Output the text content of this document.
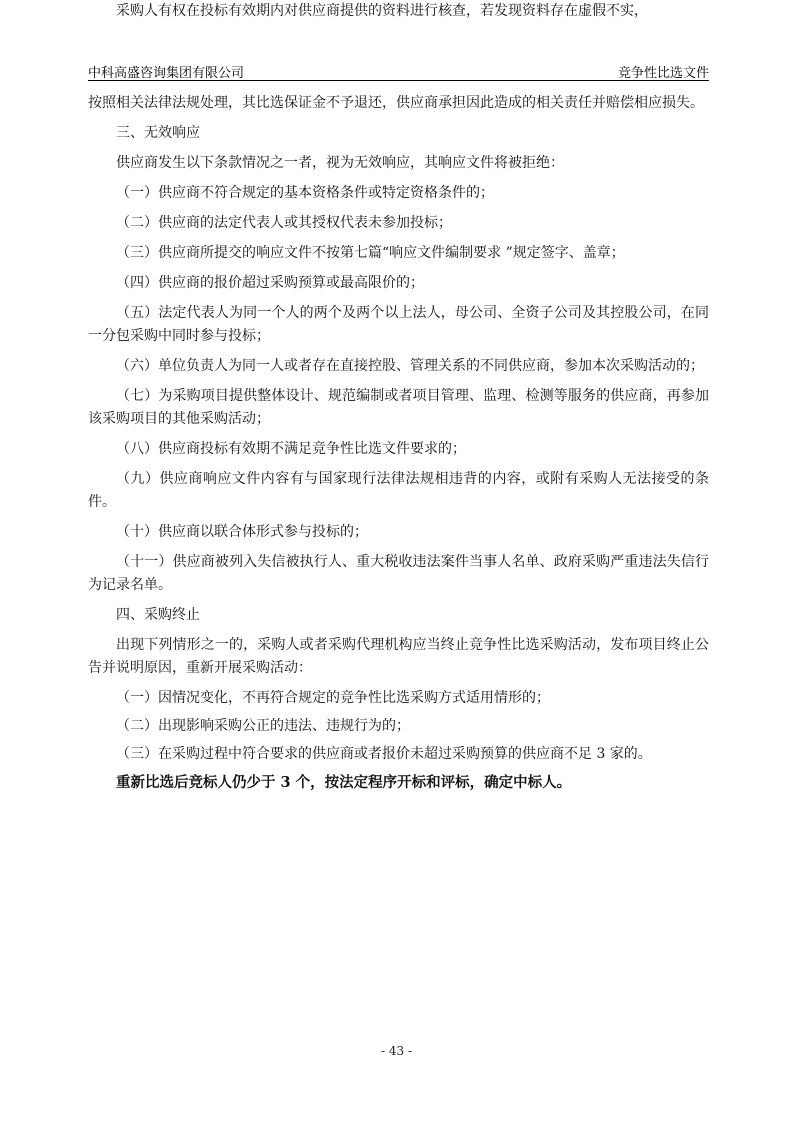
采购人有权在投标有效期内对供应商提供的资料进行核查，若发现资料存在虚假不实，

中科高盛咨询集团有限公司	竞争性比选文件

按照相关法律法规处理，其比选保证金不予退还，供应商承担因此造成的相关责任并赔偿相应损失。

三、无效响应

供应商发生以下条款情况之一者，视为无效响应，其响应文件将被拒绝：

（一）供应商不符合规定的基本资格条件或特定资格条件的；

（二）供应商的法定代表人或其授权代表未参加投标；

（三）供应商所提交的响应文件不按第七篇“响应文件编制要求 ”规定签字、盖章；

（四）供应商的报价超过采购预算或最高限价的；

（五）法定代表人为同一个人的两个及两个以上法人，母公司、全资子公司及其控股公司，在同一分包采购中同时参与投标；

（六）单位负责人为同一人或者存在直接控股、管理关系的不同供应商，参加本次采购活动的；

（七）为采购项目提供整体设计、规范编制或者项目管理、监理、检测等服务的供应商，再参加该采购项目的其他采购活动；

（八）供应商投标有效期不满足竞争性比选文件要求的；

（九）供应商响应文件内容有与国家现行法律法规相违背的内容，或附有采购人无法接受的条件。

（十）供应商以联合体形式参与投标的；

（十一）供应商被列入失信被执行人、重大税收违法案件当事人名单、政府采购严重违法失信行为记录名单。

四、采购终止

出现下列情形之一的，采购人或者采购代理机构应当终止竞争性比选采购活动，发布项目终止公告并说明原因，重新开展采购活动：

（一）因情况变化，不再符合规定的竞争性比选采购方式适用情形的；

（二）出现影响采购公正的违法、违规行为的；

（三）在采购过程中符合要求的供应商或者报价未超过采购预算的供应商不足 3 家的。

重新比选后竞标人仍少于 3 个，按法定程序开标和评标，确定中标人。

- 43 -
